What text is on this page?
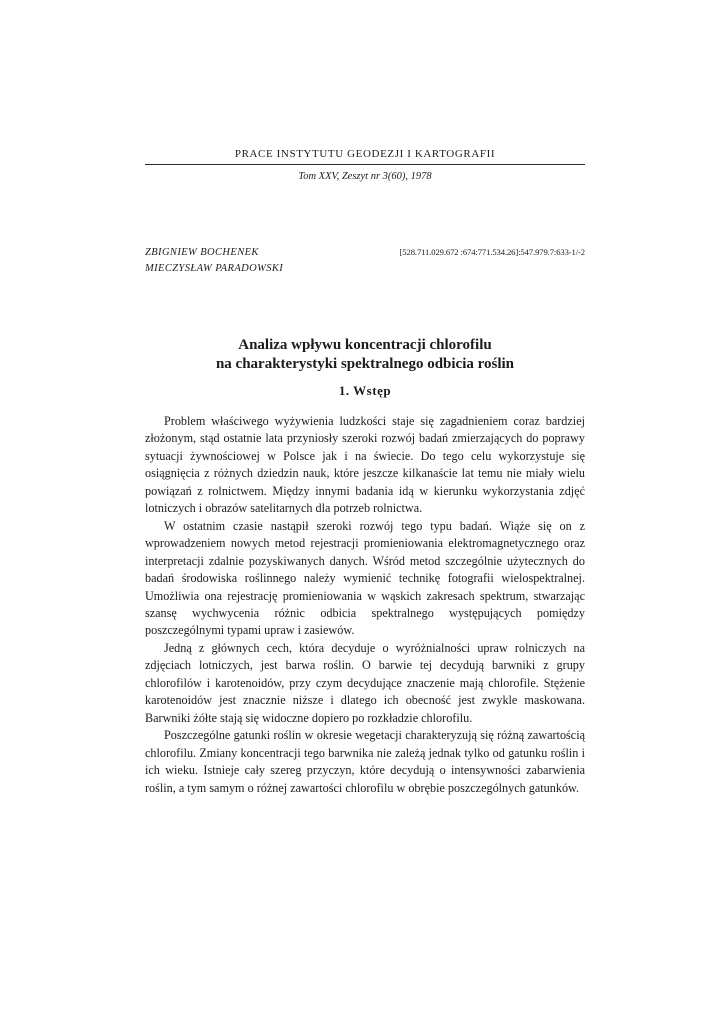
PRACE INSTYTUTU GEODEZJI I KARTOGRAFII
Tom XXV, Zeszyt nr 3(60), 1978
ZBIGNIEW BOCHENEK
MIECZYSŁAW PARADOWSKI
[528.711.029.672 :674:771.534.26]:547.979.7:633-1/-2
Analiza wpływu koncentracji chlorofilu
na charakterystyki spektralnego odbicia roślin
1. Wstęp

Problem właściwego wyżywienia ludzkości staje się zagadnieniem coraz bardziej złożonym, stąd ostatnie lata przyniosły szeroki rozwój badań zmierzających do poprawy sytuacji żywnościowej w Polsce jak i na świecie. Do tego celu wykorzystuje się osiągnięcia z różnych dziedzin nauk, które jeszcze kilkanaście lat temu nie miały wielu powiązań z rolnictwem. Między innymi badania idą w kierunku wykorzystania zdjęć lotniczych i obrazów satelitarnych dla potrzeb rolnictwa.

W ostatnim czasie nastąpił szeroki rozwój tego typu badań. Wiąże się on z wprowadzeniem nowych metod rejestracji promieniowania elektromagnetycznego oraz interpretacji zdalnie pozyskiwanych danych. Wśród metod szczególnie użytecznych do badań środowiska roślinnego należy wymienić technikę fotografii wielospektralnej. Umożliwia ona rejestrację promieniowania w wąskich zakresach spektrum, stwarzając szansę wychwycenia różnic odbicia spektralnego występujących pomiędzy poszczególnymi typami upraw i zasiewów.

Jedną z głównych cech, która decyduje o wyróżnialności upraw rolniczych na zdjęciach lotniczych, jest barwa roślin. O barwie tej decydują barwniki z grupy chlorofilów i karotenoidów, przy czym decydujące znaczenie mają chlorofile. Stężenie karotenoidów jest znacznie niższe i dlatego ich obecność jest zwykle maskowana. Barwniki żółte stają się widoczne dopiero po rozkładzie chlorofilu.

Poszczególne gatunki roślin w okresie wegetacji charakteryzują się różną zawartością chlorofilu. Zmiany koncentracji tego barwnika nie zależą jednak tylko od gatunku roślin i ich wieku. Istnieje cały szereg przyczyn, które decydują o intensywności zabarwienia roślin, a tym samym o różnej zawartości chlorofilu w obrębie poszczególnych gatunków.
